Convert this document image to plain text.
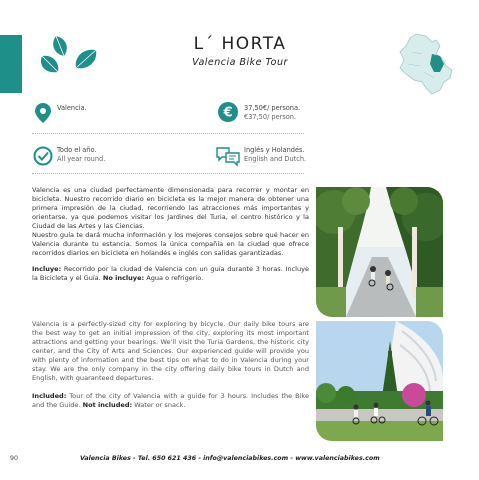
L´ HORTA
Valencia Bike Tour
Valencia.	€ 37,50€/ persona.
€37,50/ person.
Todo el año.
All year round.
Inglés y Holandés.
English and Dutch.
Valencia es una ciudad perfectamente dimensionada para recorrer y montar en bicicleta. Nuestro recorrido diario en bicicleta es la mejor manera de obtener una primera impresión de la ciudad, recorriendo las atracciones más importantes y orientarse, ya que podemos visitar los Jardines del Turia, el centro histórico y la Ciudad de las Artes y las Ciencias.
Nuestro guía te dará mucha información y los mejores consejos sobre qué hacer en Valencia durante tu estancia. Somos la única compañía en la ciudad que ofrece recorridos diarios en bicicleta en holandés e inglés con salidas garantizadas.
Incluye: Recorrido por la ciudad de Valencia con un guía durante 3 horas. Incluye la Bicicleta y el Guía. No incluye: Agua o refrigerio.
Valencia is a perfectly-sized city for exploring by bicycle. Our daily bike tours are the best way to get an initial impression of the city, exploring its most important attractions and getting your bearings. We'll visit the Turia Gardens, the historic city center, and the City of Arts and Sciences. Our experienced guide will provide you with plenty of information and the best tips on what to do in Valencia during your stay. We are the only company in the city offering daily bike tours in Dutch and English, with guaranteed departures.
Included: Tour of the city of Valencia with a guide for 3 hours. Includes the Bike and the Guide. Not included: Water or snack.
90	Valencia Bikes - Tel. 650 621 436 - info@valenciabikes.com - www.valenciabikes.com
